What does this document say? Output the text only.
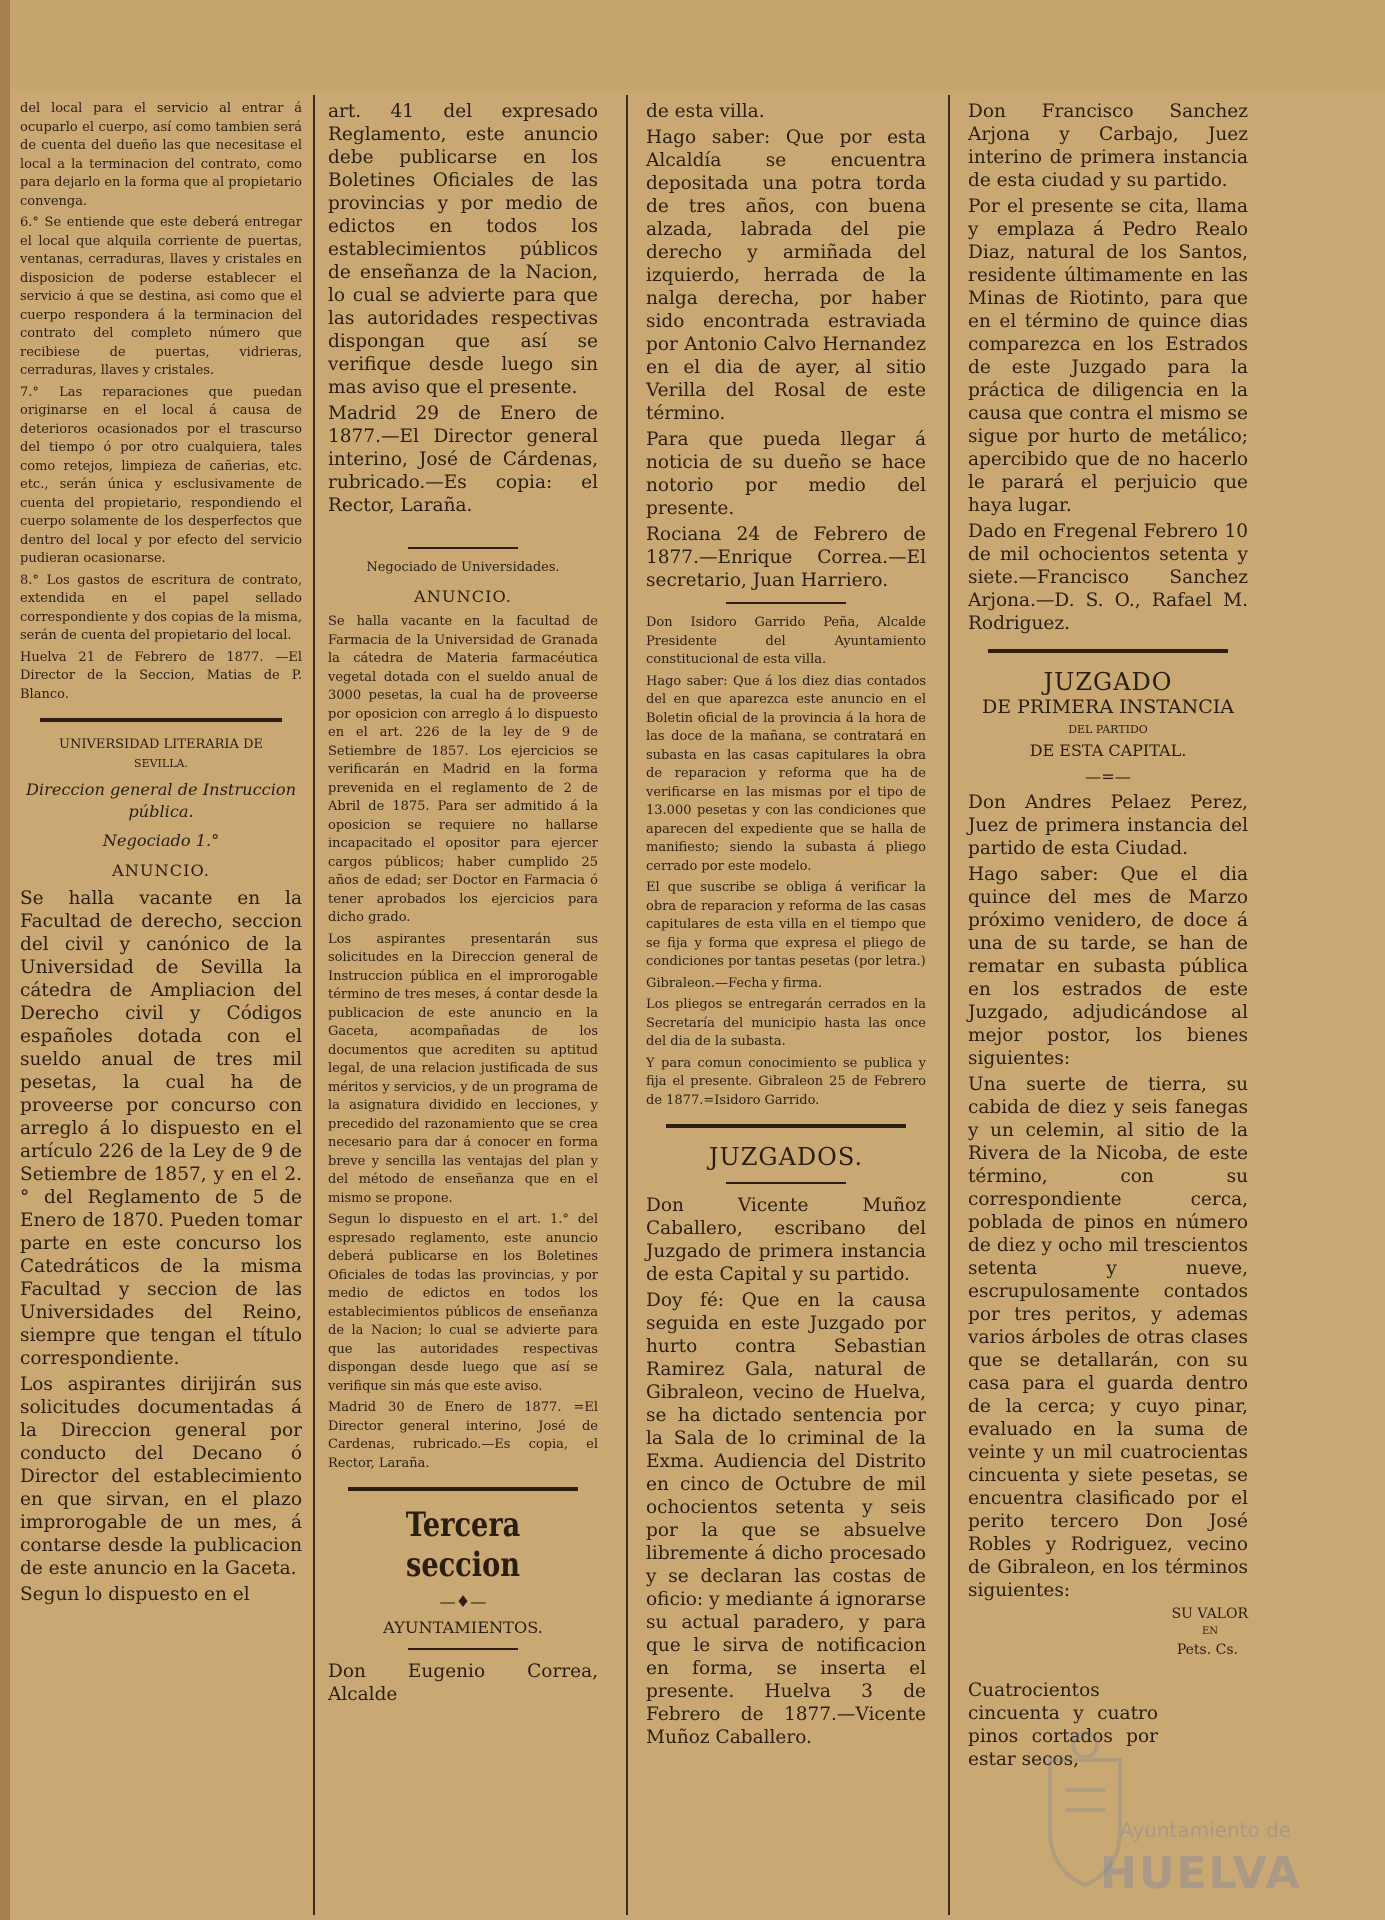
del local para el servicio al entrar á ocuparlo el cuerpo, así como tambien será de cuenta del dueño las que necesitase el local a la terminacion del contrato, como para dejarlo en la forma que al propietario convenga.

6.° Se entiende que este deberá entregar el local que alquila corriente de puertas, ventanas, cerraduras, llaves y cristales en disposicion de poderse establecer el servicio á que se destina, asi como que el cuerpo respondera á la terminacion del contrato del completo número que recibiese de puertas, vidrieras, cerraduras, llaves y cristales.

7.° Las reparaciones que puedan originarse en el local á causa de deterioros ocasionados por el trascurso del tiempo ó por otro cualquiera, tales como retejos, limpieza de cañerias, etc. etc., serán única y esclusivamente de cuenta del propietario, respondiendo el cuerpo solamente de los desperfectos que dentro del local y por efecto del servicio pudieran ocasionarse.

8.° Los gastos de escritura de contrato, extendida en el papel sellado correspondiente y dos copias de la misma, serán de cuenta del propietario del local.

Huelva 21 de Febrero de 1877. —El Director de la Seccion, Matias de P. Blanco.

UNIVERSIDAD LITERARIA DE
SEVILLA.
Direccion general de Instruccion pública.
Negociado 1.°
ANUNCIO.

Se halla vacante en la Facultad de derecho, seccion del civil y canónico de la Universidad de Sevilla la cátedra de Ampliacion del Derecho civil y Códigos españoles dotada con el sueldo anual de tres mil pesetas, la cual ha de proveerse por concurso con arreglo á lo dispuesto en el artículo 226 de la Ley de 9 de Setiembre de 1857, y en el 2.° del Reglamento de 5 de Enero de 1870. Pueden tomar parte en este concurso los Catedráticos de la misma Facultad y seccion de las Universidades del Reino, siempre que tengan el título correspondiente.

Los aspirantes dirijirán sus solicitudes documentadas á la Direccion general por conducto del Decano ó Director del establecimiento en que sirvan, en el plazo improrogable de un mes, á contarse desde la publicacion de este anuncio en la Gaceta.

Segun lo dispuesto en el

art. 41 del expresado Reglamento, este anuncio debe publicarse en los Boletines Oficiales de las provincias y por medio de edictos en todos los establecimientos públicos de enseñanza de la Nacion, lo cual se advierte para que las autoridades respectivas dispongan que así se verifique desde luego sin mas aviso que el presente.

Madrid 29 de Enero de 1877.—El Director general interino, José de Cárdenas, rubricado.—Es copia: el Rector, Laraña.

Negociado de Universidades.
ANUNCIO.

Se halla vacante en la facultad de Farmacia de la Universidad de Granada la cátedra de Materia farmacéutica vegetal dotada con el sueldo anual de 3000 pesetas, la cual ha de proveerse por oposicion con arreglo á lo dispuesto en el art. 226 de la ley de 9 de Setiembre de 1857. Los ejercicios se verificarán en Madrid en la forma prevenida en el reglamento de 2 de Abril de 1875. Para ser admitido á la oposicion se requiere no hallarse incapacitado el opositor para ejercer cargos públicos; haber cumplido 25 años de edad; ser Doctor en Farmacia ó tener aprobados los ejercicios para dicho grado.

Los aspirantes presentarán sus solicitudes en la Direccion general de Instruccion pública en el improrogable término de tres meses, á contar desde la publicacion de este anuncio en la Gaceta, acompañadas de los documentos que acrediten su aptitud legal, de una relacion justificada de sus méritos y servicios, y de un programa de la asignatura dividido en lecciones, y precedido del razonamiento que se crea necesario para dar á conocer en forma breve y sencilla las ventajas del plan y del método de enseñanza que en el mismo se propone.

Segun lo dispuesto en el art. 1.° del espresado reglamento, este anuncio deberá publicarse en los Boletines Oficiales de todas las provincias, y por medio de edictos en todos los establecimientos públicos de enseñanza de la Nacion; lo cual se advierte para que las autoridades respectivas dispongan desde luego que así se verifique sin más que este aviso.

Madrid 30 de Enero de 1877. =El Director general interino, José de Cardenas, rubricado.—Es copia, el Rector, Laraña.

Tercera seccion
—♦—
AYUNTAMIENTOS.

Don Eugenio Correa, Alcalde

de esta villa.

Hago saber: Que por esta Alcaldía se encuentra depositada una potra torda de tres años, con buena alzada, labrada del pie derecho y armiñada del izquierdo, herrada de la nalga derecha, por haber sido encontrada estraviada por Antonio Calvo Hernandez en el dia de ayer, al sitio Verilla del Rosal de este término.

Para que pueda llegar á noticia de su dueño se hace notorio por medio del presente.

Rociana 24 de Febrero de 1877.—Enrique Correa.—El secretario, Juan Harriero.

Don Isidoro Garrido Peña, Alcalde Presidente del Ayuntamiento constitucional de esta villa.

Hago saber: Que á los diez dias contados del en que aparezca este anuncio en el Boletin oficial de la provincia á la hora de las doce de la mañana, se contratará en subasta en las casas capitulares la obra de reparacion y reforma que ha de verificarse en las mismas por el tipo de 13.000 pesetas y con las condiciones que aparecen del expediente que se halla de manifiesto; siendo la subasta á pliego cerrado por este modelo.

El que suscribe se obliga á verificar la obra de reparacion y reforma de las casas capitulares de esta villa en el tiempo que se fija y forma que expresa el pliego de condiciones por tantas pesetas (por letra.)

Gibraleon.—Fecha y firma.

Los pliegos se entregarán cerrados en la Secretaría del municipio hasta las once del dia de la subasta.

Y para comun conocimiento se publica y fija el presente. Gibraleon 25 de Febrero de 1877.=Isidoro Garrido.

JUZGADOS.

Don Vicente Muñoz Caballero, escribano del Juzgado de primera instancia de esta Capital y su partido.

Doy fé: Que en la causa seguida en este Juzgado por hurto contra Sebastian Ramirez Gala, natural de Gibraleon, vecino de Huelva, se ha dictado sentencia por la Sala de lo criminal de la Exma. Audiencia del Distrito en cinco de Octubre de mil ochocientos setenta y seis por la que se absuelve libremente á dicho procesado y se declaran las costas de oficio: y mediante á ignorarse su actual paradero, y para que le sirva de notificacion en forma, se inserta el presente. Huelva 3 de Febrero de 1877.—Vicente Muñoz Caballero.

Don Francisco Sanchez Arjona y Carbajo, Juez interino de primera instancia de esta ciudad y su partido.

Por el presente se cita, llama y emplaza á Pedro Realo Diaz, natural de los Santos, residente últimamente en las Minas de Riotinto, para que en el término de quince dias comparezca en los Estrados de este Juzgado para la práctica de diligencia en la causa que contra el mismo se sigue por hurto de metálico; apercibido que de no hacerlo le parará el perjuicio que haya lugar.

Dado en Fregenal Febrero 10 de mil ochocientos setenta y siete.—Francisco Sanchez Arjona.—D. S. O., Rafael M. Rodriguez.

JUZGADO
DE PRIMERA INSTANCIA
DEL PARTIDO
DE ESTA CAPITAL.
—=—

Don Andres Pelaez Perez, Juez de primera instancia del partido de esta Ciudad.

Hago saber: Que el dia quince del mes de Marzo próximo venidero, de doce á una de su tarde, se han de rematar en subasta pública en los estrados de este Juzgado, adjudicándose al mejor postor, los bienes siguientes:

Una suerte de tierra, su cabida de diez y seis fanegas y un celemin, al sitio de la Rivera de la Nicoba, de este término, con su correspondiente cerca, poblada de pinos en número de diez y ocho mil trescientos setenta y nueve, escrupulosamente contados por tres peritos, y ademas varios árboles de otras clases que se detallarán, con su casa para el guarda dentro de la cerca; y cuyo pinar, evaluado en la suma de veinte y un mil cuatrocientas cincuenta y siete pesetas, se encuentra clasificado por el perito tercero Don José Robles y Rodriguez, vecino de Gibraleon, en los términos siguientes:

SU VALOR
EN
Pets. Cs.

Cuatrocientos cincuenta y cuatro pinos cortados por estar secos,

Ayuntamiento de
HUELVA
